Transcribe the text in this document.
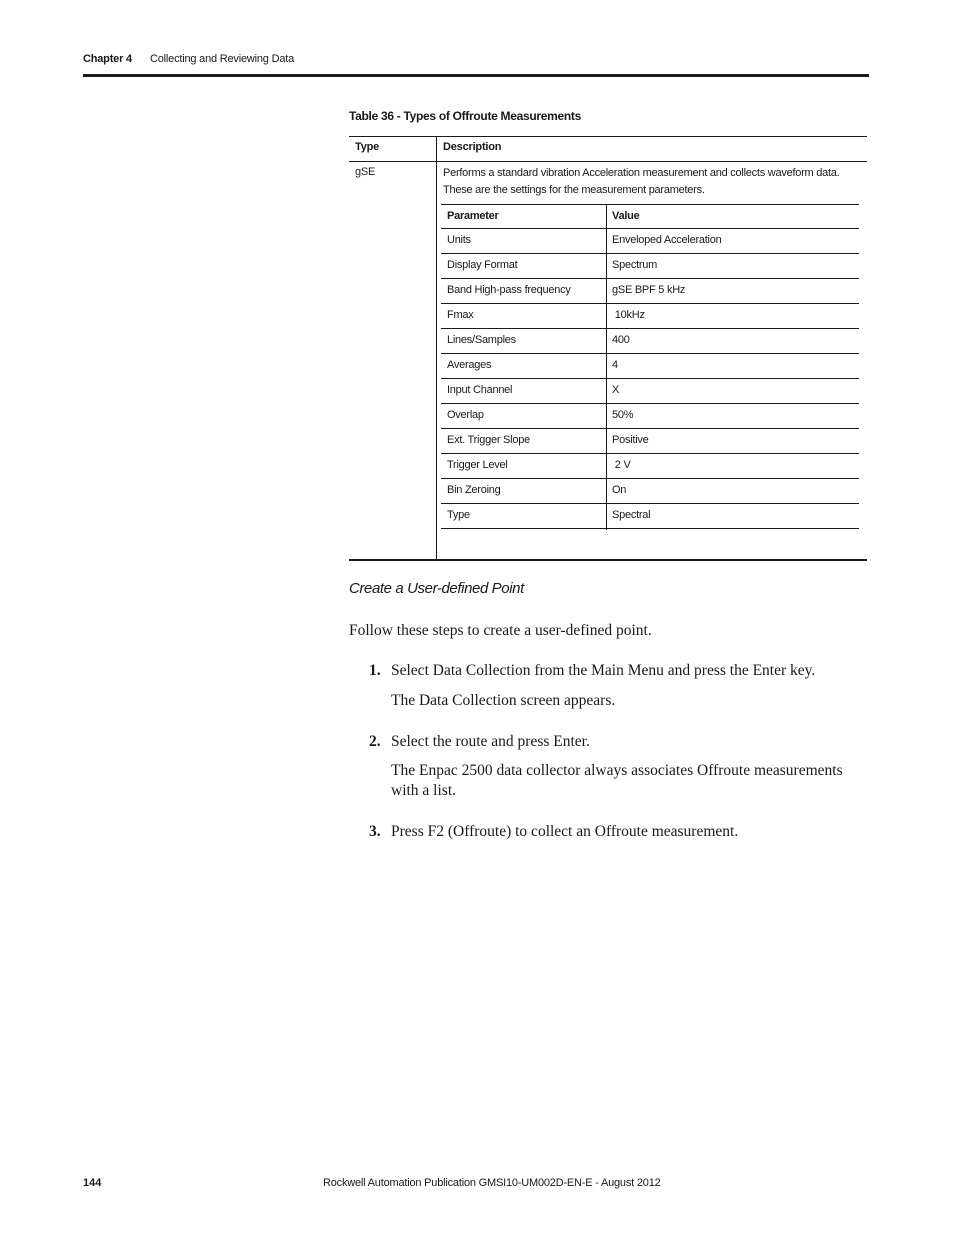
Chapter 4 Collecting and Reviewing Data
Table 36 - Types of Offroute Measurements
Type	Description
gSE	Performs a standard vibration Acceleration measurement and collects waveform data.
These are the settings for the measurement parameters.
Parameter	Value
Units	Enveloped Acceleration
Display Format	Spectrum
Band High-pass frequency	gSE BPF 5 kHz
Fmax	10kHz
Lines/Samples	400
Averages	4
Input Channel	X
Overlap	50%
Ext. Trigger Slope	Positive
Trigger Level	2 V
Bin Zeroing	On
Type	Spectral
Create a User-defined Point
Follow these steps to create a user-defined point.
1. Select Data Collection from the Main Menu and press the Enter key.
The Data Collection screen appears.
2. Select the route and press Enter.
The Enpac 2500 data collector always associates Offroute measurements with a list.
3. Press F2 (Offroute) to collect an Offroute measurement.
144	Rockwell Automation Publication GMSI10-UM002D-EN-E - August 2012
